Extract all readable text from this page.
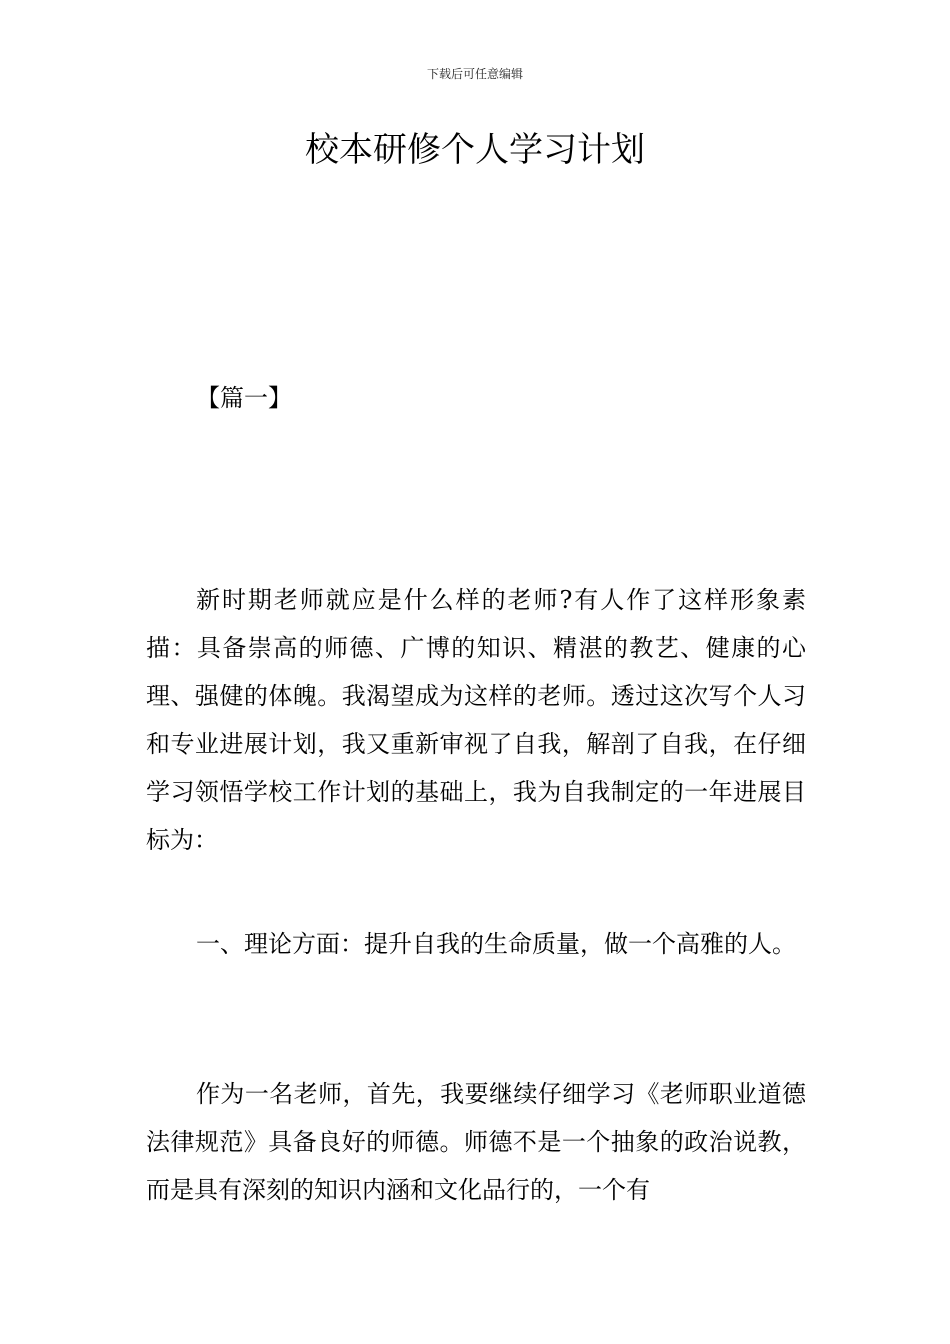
下载后可任意编辑
校本研修个人学习计划

【篇一】

新时期老师就应是什么样的老师?有人作了这样形象素描：具备崇高的师德、广博的知识、精湛的教艺、健康的心理、强健的体魄。我渴望成为这样的老师。透过这次写个人习和专业进展计划，我又重新审视了自我，解剖了自我，在仔细学习领悟学校工作计划的基础上，我为自我制定的一年进展目标为：

一、理论方面：提升自我的生命质量，做一个高雅的人。

作为一名老师，首先，我要继续仔细学习《老师职业道德法律规范》具备良好的师德。师德不是一个抽象的政治说教，而是具有深刻的知识内涵和文化品行的，一个有
